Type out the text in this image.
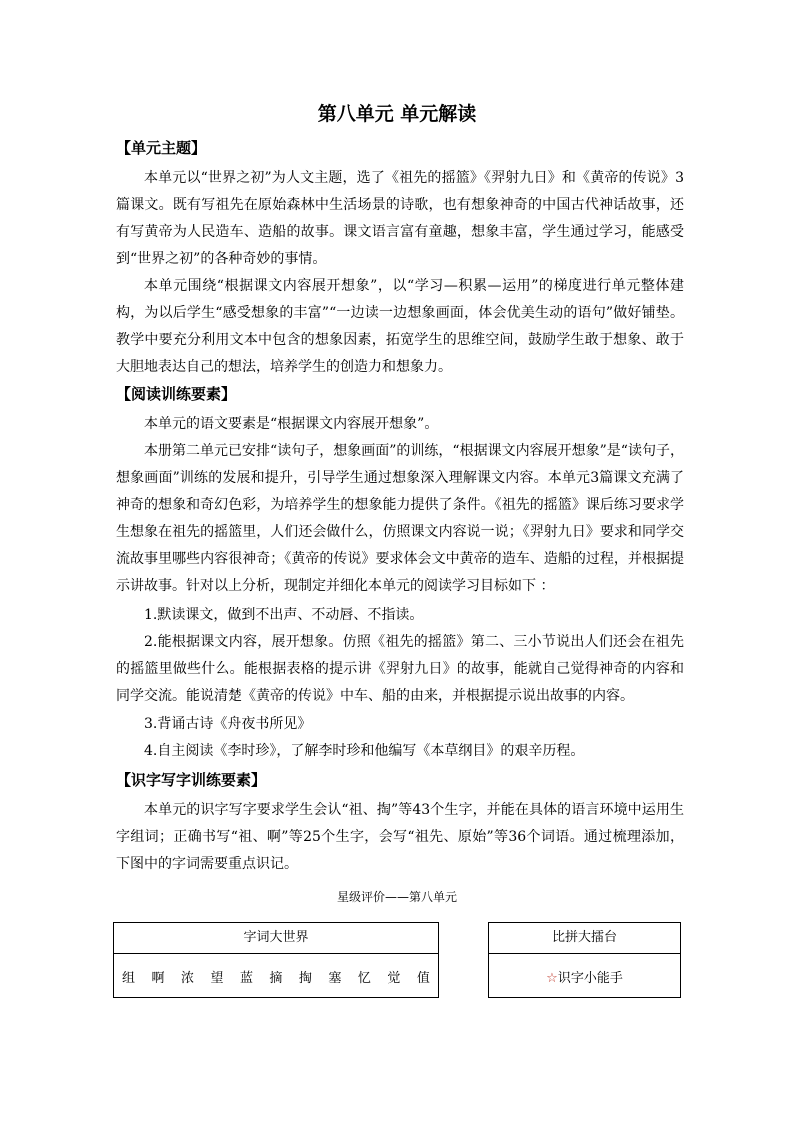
第八单元 单元解读
【单元主题】
本单元以“世界之初”为人文主题，选了《祖先的摇篮》《羿射九日》和《黄帝的传说》3篇课文。既有写祖先在原始森林中生活场景的诗歌，也有想象神奇的中国古代神话故事，还有写黄帝为人民造车、造船的故事。课文语言富有童趣，想象丰富，学生通过学习，能感受到“世界之初”的各种奇妙的事情。
本单元围绕“根据课文内容展开想象”，以“学习—积累—运用”的梯度进行单元整体建构，为以后学生“感受想象的丰富”“一边读一边想象画面，体会优美生动的语句”做好铺垫。教学中要充分利用文本中包含的想象因素，拓宽学生的思维空间，鼓励学生敢于想象、敢于大胆地表达自己的想法，培养学生的创造力和想象力。
【阅读训练要素】
本单元的语文要素是“根据课文内容展开想象”。
本册第二单元已安排“读句子，想象画面”的训练，“根据课文内容展开想象”是“读句子，想象画面”训练的发展和提升，引导学生通过想象深入理解课文内容。本单元3篇课文充满了神奇的想象和奇幻色彩，为培养学生的想象能力提供了条件。《祖先的摇篮》课后练习要求学生想象在祖先的摇篮里，人们还会做什么，仿照课文内容说一说；《羿射九日》要求和同学交流故事里哪些内容很神奇；《黄帝的传说》要求体会文中黄帝的造车、造船的过程，并根据提示讲故事。针对以上分析，现制定并细化本单元的阅读学习目标如下 ：
1.默读课文，做到不出声、不动唇、不指读。
2.能根据课文内容，展开想象。仿照《祖先的摇篮》第二、三小节说出人们还会在祖先的摇篮里做些什么。能根据表格的提示讲《羿射九日》的故事，能就自己觉得神奇的内容和同学交流。能说清楚《黄帝的传说》中车、船的由来，并根据提示说出故事的内容。
3.背诵古诗《舟夜书所见》
4.自主阅读《李时珍》，了解李时珍和他编写《本草纲目》的艰辛历程。
【识字写字训练要素】
本单元的识字写字要求学生会认“祖、掏”等43个生字，并能在具体的语言环境中运用生字组词；正确书写“祖、啊”等25个生字，会写“祖先、原始”等36个词语。通过梳理添加，下图中的字词需要重点识记。
星级评价——第八单元
字词大世界
组 啊 浓 望 蓝 摘 掏 塞 忆 觉 值
比拼大擂台
☆识字小能手
